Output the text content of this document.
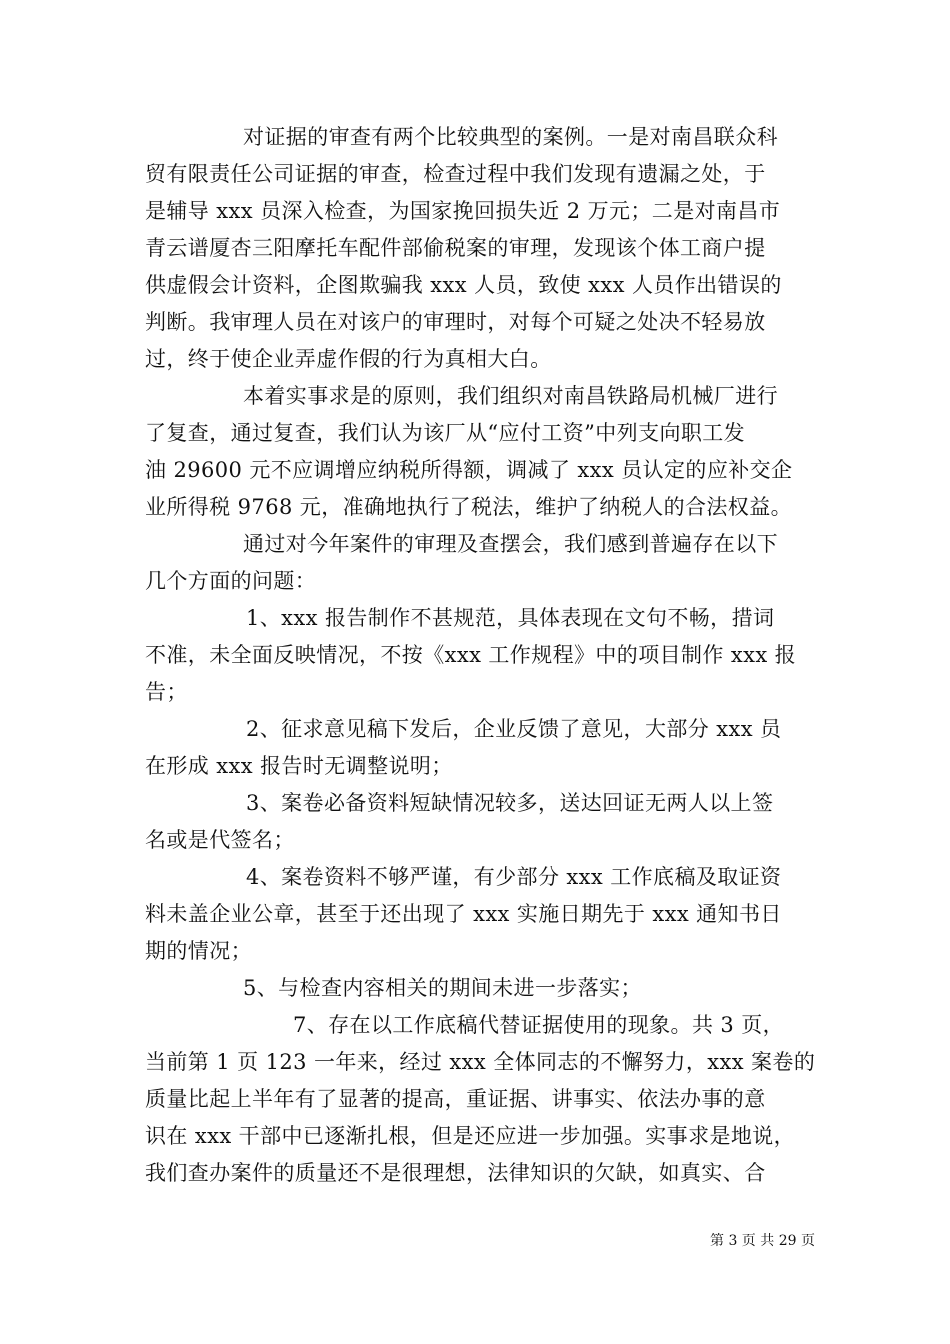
对证据的审查有两个比较典型的案例。一是对南昌联众科
贸有限责任公司证据的审查，检查过程中我们发现有遗漏之处，于
是辅导 xxx 员深入检查，为国家挽回损失近 2 万元；二是对南昌市
青云谱厦杏三阳摩托车配件部偷税案的审理，发现该个体工商户提
供虚假会计资料，企图欺骗我 xxx 人员，致使 xxx 人员作出错误的
判断。我审理人员在对该户的审理时，对每个可疑之处决不轻易放
过，终于使企业弄虚作假的行为真相大白。
本着实事求是的原则，我们组织对南昌铁路局机械厂进行
了复查，通过复查，我们认为该厂从“应付工资”中列支向职工发
油 29600 元不应调增应纳税所得额，调减了 xxx 员认定的应补交企
业所得税 9768 元，准确地执行了税法，维护了纳税人的合法权益。
通过对今年案件的审理及查摆会，我们感到普遍存在以下
几个方面的问题：
1、xxx 报告制作不甚规范，具体表现在文句不畅，措词
不准，未全面反映情况，不按《xxx 工作规程》中的项目制作 xxx 报
告；
2、征求意见稿下发后，企业反馈了意见，大部分 xxx 员
在形成 xxx 报告时无调整说明；
3、案卷必备资料短缺情况较多，送达回证无两人以上签
名或是代签名；
4、案卷资料不够严谨，有少部分 xxx 工作底稿及取证资
料未盖企业公章，甚至于还出现了 xxx 实施日期先于 xxx 通知书日
期的情况；
5、与检查内容相关的期间未进一步落实；
7、存在以工作底稿代替证据使用的现象。共 3 页，
当前第 1 页 123 一年来，经过 xxx 全体同志的不懈努力，xxx 案卷的
质量比起上半年有了显著的提高，重证据、讲事实、依法办事的意
识在 xxx 干部中已逐渐扎根，但是还应进一步加强。实事求是地说，
我们查办案件的质量还不是很理想，法律知识的欠缺，如真实、合
第 3 页 共 29 页
